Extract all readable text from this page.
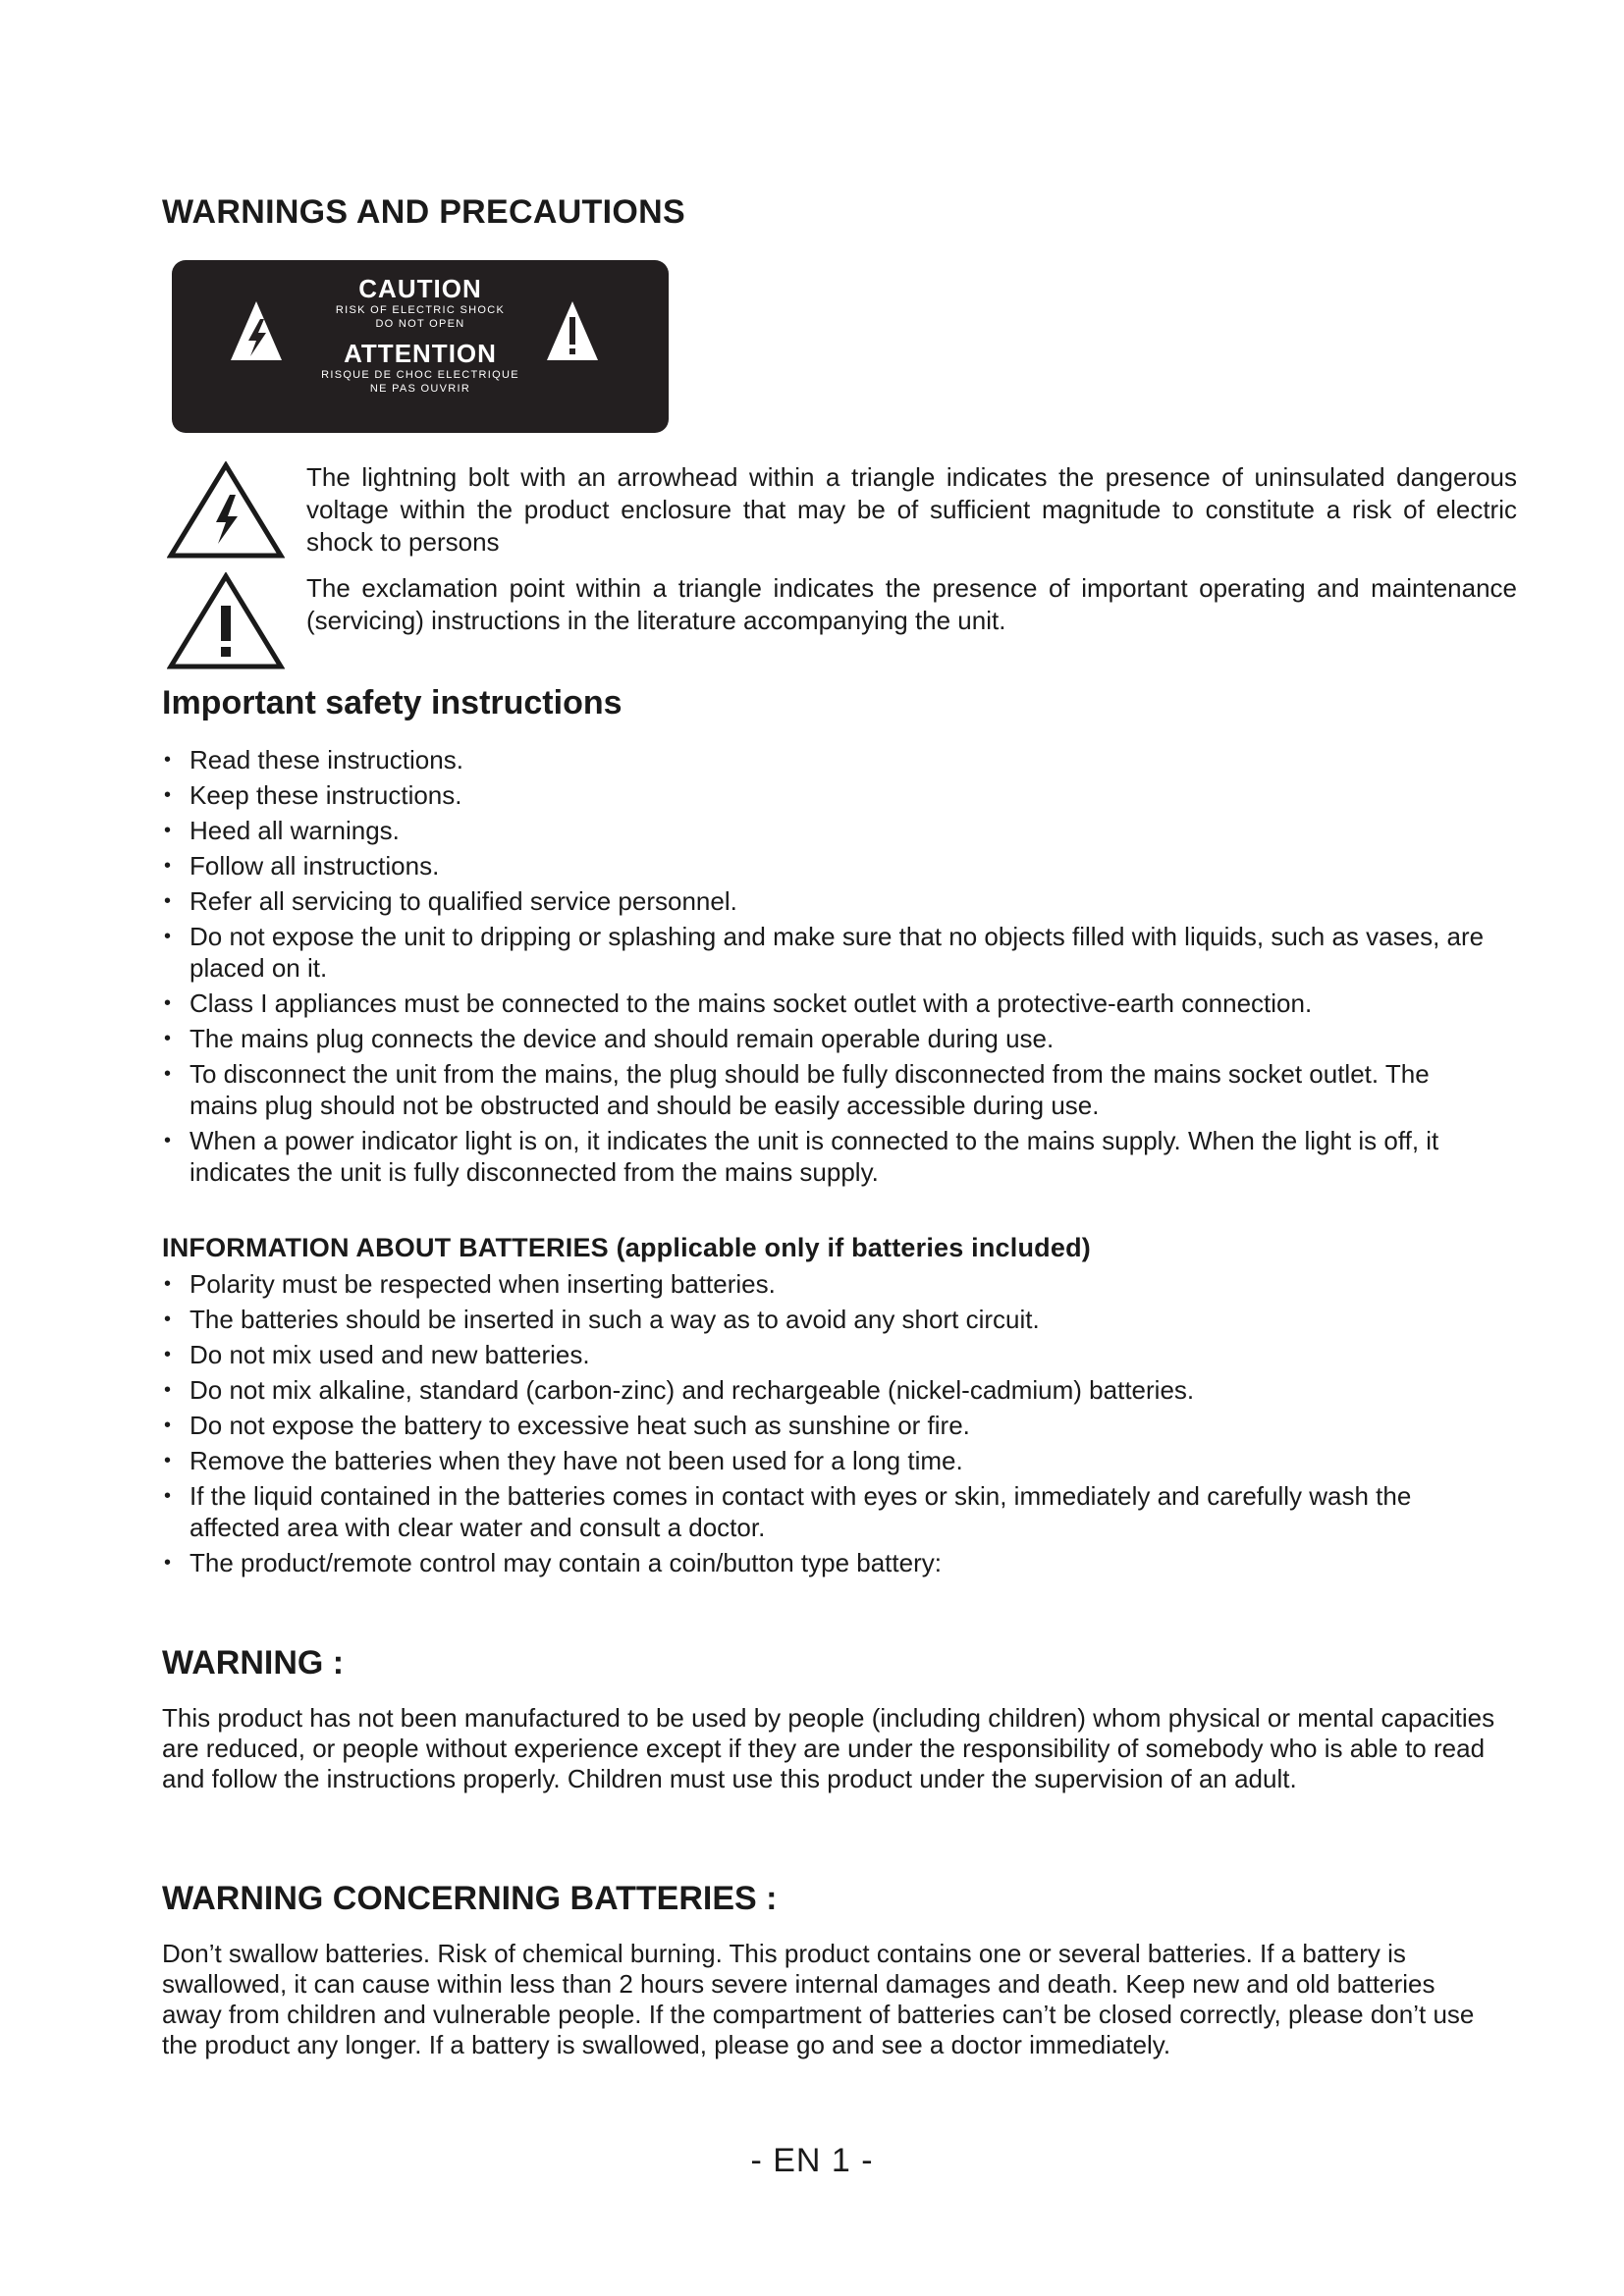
WARNINGS AND PRECAUTIONS
CAUTION
RISK OF ELECTRIC SHOCK
DO NOT OPEN
ATTENTION
RISQUE DE CHOC ELECTRIQUE
NE PAS OUVRIR
The lightning bolt with an arrowhead within a triangle indicates the presence of uninsulated dangerous voltage within the product enclosure that may be of sufficient magnitude to constitute a risk of electric shock to persons
The exclamation point within a triangle indicates the presence of important operating and maintenance (servicing) instructions in the literature accompanying the unit.
Important safety instructions
• Read these instructions.
• Keep these instructions.
• Heed all warnings.
• Follow all instructions.
• Refer all servicing to qualified service personnel.
• Do not expose the unit to dripping or splashing and make sure that no objects filled with liquids, such as vases, are placed on it.
• Class I appliances must be connected to the mains socket outlet with a protective-earth connection.
• The mains plug connects the device and should remain operable during use.
• To disconnect the unit from the mains, the plug should be fully disconnected from the mains socket outlet. The mains plug should not be obstructed and should be easily accessible during use.
• When a power indicator light is on, it indicates the unit is connected to the mains supply. When the light is off, it indicates the unit is fully disconnected from the mains supply.
INFORMATION ABOUT BATTERIES (applicable only if batteries included)
• Polarity must be respected when inserting batteries.
• The batteries should be inserted in such a way as to avoid any short circuit.
• Do not mix used and new batteries.
• Do not mix alkaline, standard (carbon-zinc) and rechargeable (nickel-cadmium) batteries.
• Do not expose the battery to excessive heat such as sunshine or fire.
• Remove the batteries when they have not been used for a long time.
• If the liquid contained in the batteries comes in contact with eyes or skin, immediately and carefully wash the affected area with clear water and consult a doctor.
• The product/remote control may contain a coin/button type battery:
WARNING :

This product has not been manufactured to be used by people (including children) whom physical or mental capacities are reduced, or people without experience except if they are under the responsibility of somebody who is able to read and follow the instructions properly. Children must use this product under the supervision of an adult.

WARNING CONCERNING BATTERIES :

Don’t swallow batteries. Risk of chemical burning. This product contains one or several batteries. If a battery is swallowed, it can cause within less than 2 hours severe internal damages and death. Keep new and old batteries away from children and vulnerable people. If the compartment of batteries can’t be closed correctly, please don’t use the product any longer. If a battery is swallowed, please go and see a doctor immediately.

- EN 1 -
